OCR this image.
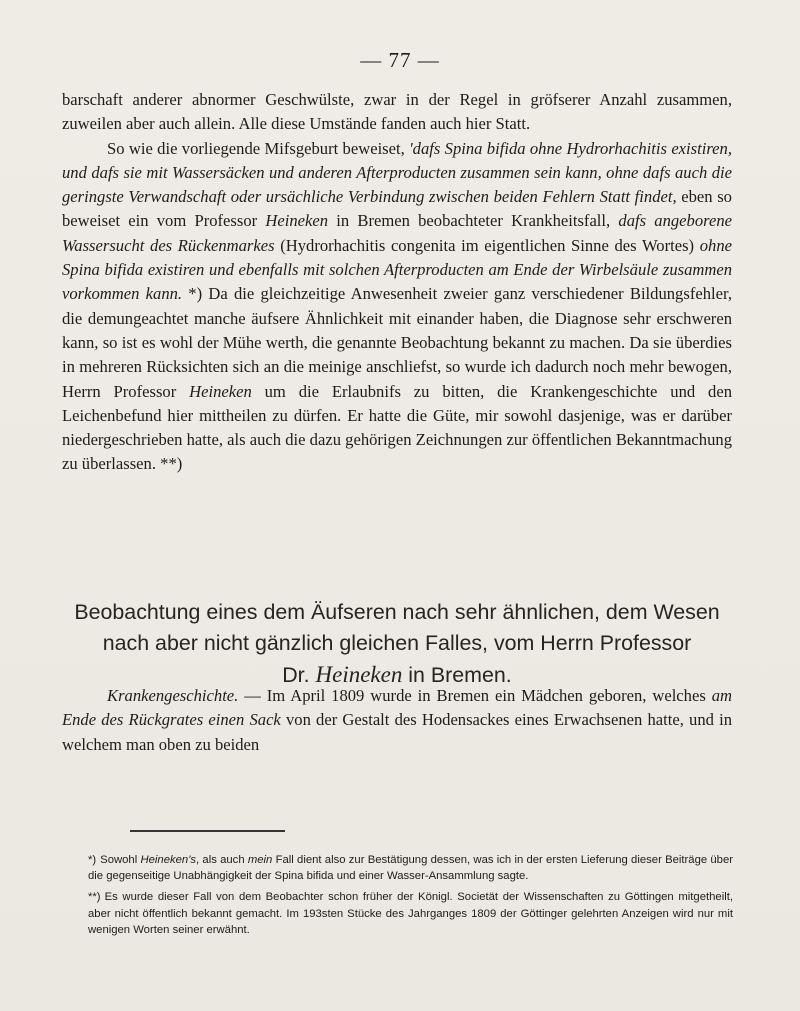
— 77 —

barschaft anderer abnormer Geschwülste, zwar in der Regel in gröfserer Anzahl zusammen, zuweilen aber auch allein. Alle diese Umstände fanden auch hier Statt.

So wie die vorliegende Mifsgeburt beweiset, 'dafs Spina bifida ohne Hydrorhachitis existiren, und dafs sie mit Wassersäcken und anderen Afterproducten zusammen sein kann, ohne dafs auch die geringste Verwandschaft oder ursächliche Verbindung zwischen beiden Fehlern Statt findet, eben so beweiset ein vom Professor Heineken in Bremen beobachteter Krankheitsfall, dafs angeborene Wassersucht des Rückenmarkes (Hydrorhachitis congenita im eigentlichen Sinne des Wortes) ohne Spina bifida existiren und ebenfalls mit solchen Afterproducten am Ende der Wirbelsäule zusammen vorkommen kann. *) Da die gleichzeitige Anwesenheit zweier ganz verschiedener Bildungsfehler, die demungeachtet manche äufsere Ähnlichkeit mit einander haben, die Diagnose sehr erschweren kann, so ist es wohl der Mühe werth, die genannte Beobachtung bekannt zu machen. Da sie überdies in mehreren Rücksichten sich an die meinige anschliefst, so wurde ich dadurch noch mehr bewogen, Herrn Professor Heineken um die Erlaubnifs zu bitten, die Krankengeschichte und den Leichenbefund hier mittheilen zu dürfen. Er hatte die Güte, mir sowohl dasjenige, was er darüber niedergeschrieben hatte, als auch die dazu gehörigen Zeichnungen zur öffentlichen Bekanntmachung zu überlassen. **)

Beobachtung eines dem Äufseren nach sehr ähnlichen, dem Wesen
nach aber nicht gänzlich gleichen Falles, vom Herrn Professor
Dr. Heineken in Bremen.
Krankengeschichte. — Im April 1809 wurde in Bremen ein Mädchen geboren, welches am Ende des Rückgrates einen Sack von der Gestalt des Hodensackes eines Erwachsenen hatte, und in welchem man oben zu beiden

*) Sowohl Heineken's, als auch mein Fall dient also zur Bestätigung dessen, was ich in der ersten Lieferung dieser Beiträge über die gegenseitige Unabhängigkeit der Spina bifida und einer Wasser-Ansammlung sagte.

**) Es wurde dieser Fall von dem Beobachter schon früher der Königl. Societät der Wissenschaften zu Göttingen mitgetheilt, aber nicht öffentlich bekannt gemacht. Im 193sten Stücke des Jahrganges 1809 der Göttinger gelehrten Anzeigen wird nur mit wenigen Worten seiner erwähnt.
